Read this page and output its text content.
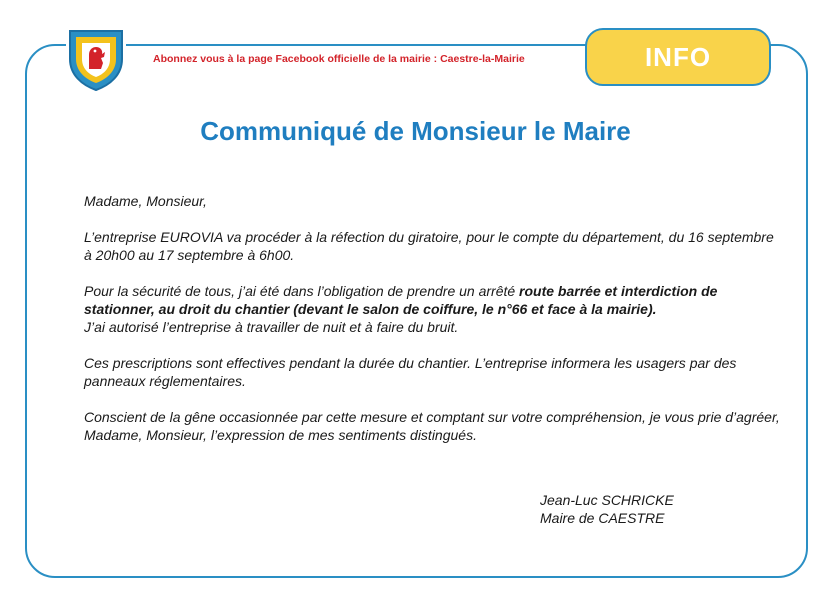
Abonnez vous à la page Facebook officielle de la mairie : Caestre-la-Mairie	INFO
Communiqué de Monsieur le Maire

Madame, Monsieur,

L’entreprise EUROVIA va procéder à la réfection du giratoire, pour le compte du département, du 16 septembre à 20h00 au 17 septembre à 6h00.

Pour la sécurité de tous, j’ai été dans l’obligation de prendre un arrêté route barrée et interdiction de stationner, au droit du chantier (devant le salon de coiffure, le n°66 et face à la mairie).
J’ai autorisé l’entreprise à travailler de nuit et à faire du bruit.

Ces prescriptions sont effectives pendant la durée du chantier. L’entreprise informera les usagers par des panneaux réglementaires.

Conscient de la gêne occasionnée par cette mesure et comptant sur votre compréhension, je vous prie d’agréer, Madame, Monsieur, l’expression de mes sentiments distingués.

Jean-Luc SCHRICKE
Maire de CAESTRE
